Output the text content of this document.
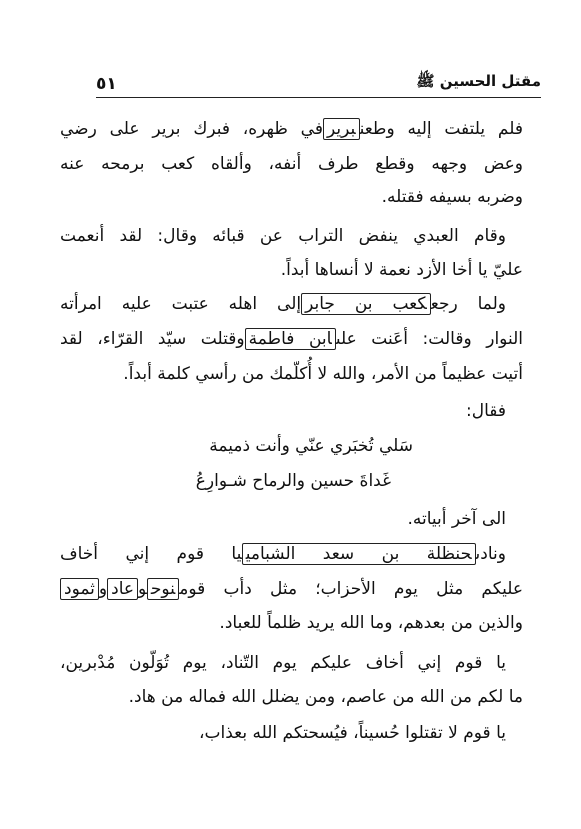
٥١	مقتل الحسين ﷺ
فلم يلتفت إليه وطعنبريرفي ظهره، فبرك برير على رضي
وعض وجهه وقطع طرف أنفه، وألقاه كعب برمحه عنه
وضربه بسيفه فقتله.
وقام العبدي ينفض التراب عن قبائه وقال: لقد أنعمت
عليّ يا أخا الأزد نعمة لا أنساها أبداً.
ولما رجعكعب بن جابرإلى اهله عتبت عليه امرأته
النوار وقالت: أعَنت علىابن فاطمةوقتلت سيّد القرّاء، لقد
أتيت عظيماً من الأمر، والله لا أُكلّمك من رأسي كلمة أبداً.
فقال:
سَلي تُخبَري عنّي وأنت ذميمة
غَداةَ حسين والرماح شـوارِعُ
الى آخر أبياته.
ونادىحنظلة بن سعد الشبامييا قوم إني أخاف
عليكم مثل يوم الأحزاب؛ مثل دأب قومنوحوعادوثمود
والذين من بعدهم، وما الله يريد ظلماً للعباد.
يا قوم إني أخاف عليكم يوم التّناد، يوم تُوَلّون مُدْبرين،
ما لكم من الله من عاصم، ومن يضلل الله فماله من هاد.
يا قوم لا تقتلوا حُسيناً، فيُسحتكم الله بعذاب،
